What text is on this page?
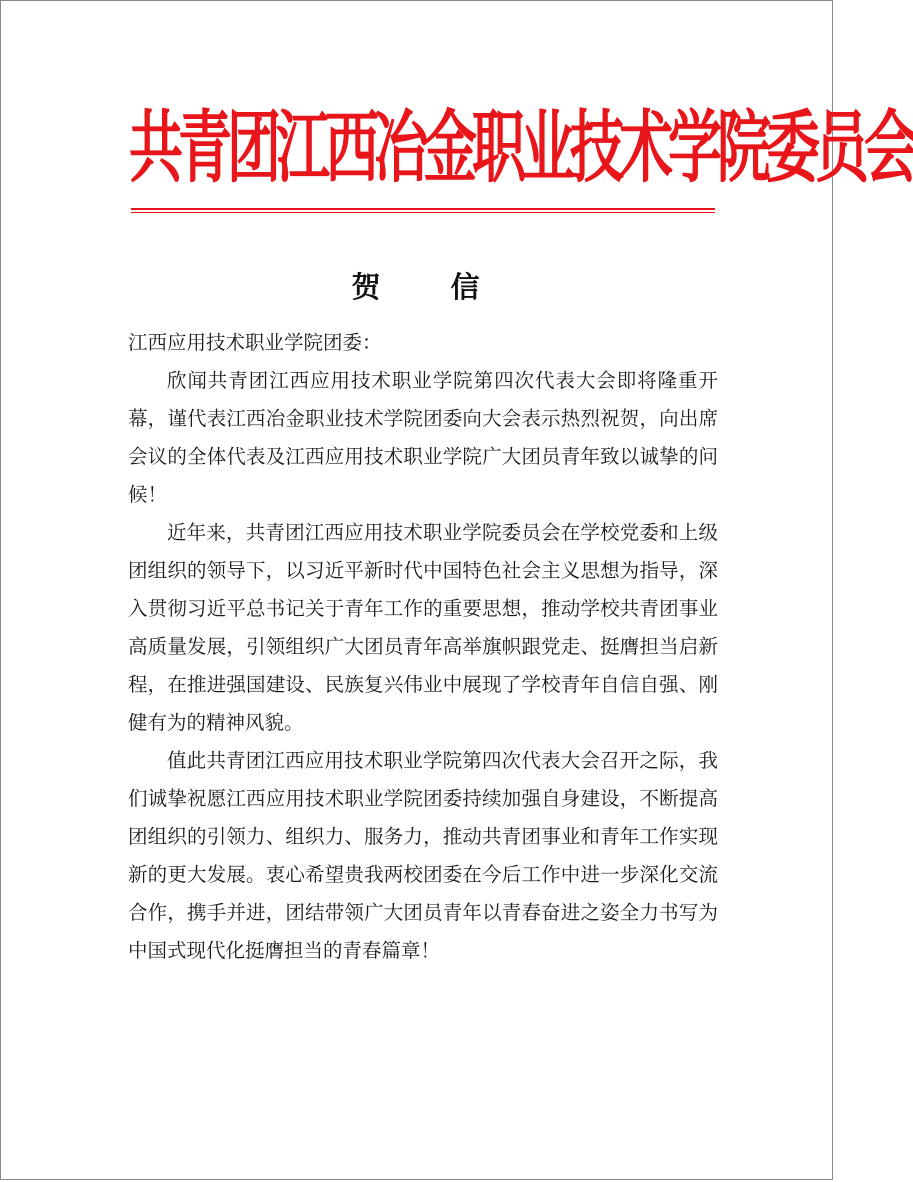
共青团江西冶金职业技术学院委员会
贺 信

江西应用技术职业学院团委：

欣闻共青团江西应用技术职业学院第四次代表大会即将隆重开幕，谨代表江西冶金职业技术学院团委向大会表示热烈祝贺，向出席会议的全体代表及江西应用技术职业学院广大团员青年致以诚挚的问候！

近年来，共青团江西应用技术职业学院委员会在学校党委和上级团组织的领导下，以习近平新时代中国特色社会主义思想为指导，深入贯彻习近平总书记关于青年工作的重要思想，推动学校共青团事业高质量发展，引领组织广大团员青年高举旗帜跟党走、挺膺担当启新程，在推进强国建设、民族复兴伟业中展现了学校青年自信自强、刚健有为的精神风貌。

值此共青团江西应用技术职业学院第四次代表大会召开之际，我们诚挚祝愿江西应用技术职业学院团委持续加强自身建设，不断提高团组织的引领力、组织力、服务力，推动共青团事业和青年工作实现新的更大发展。衷心希望贵我两校团委在今后工作中进一步深化交流合作，携手并进，团结带领广大团员青年以青春奋进之姿全力书写为中国式现代化挺膺担当的青春篇章！
